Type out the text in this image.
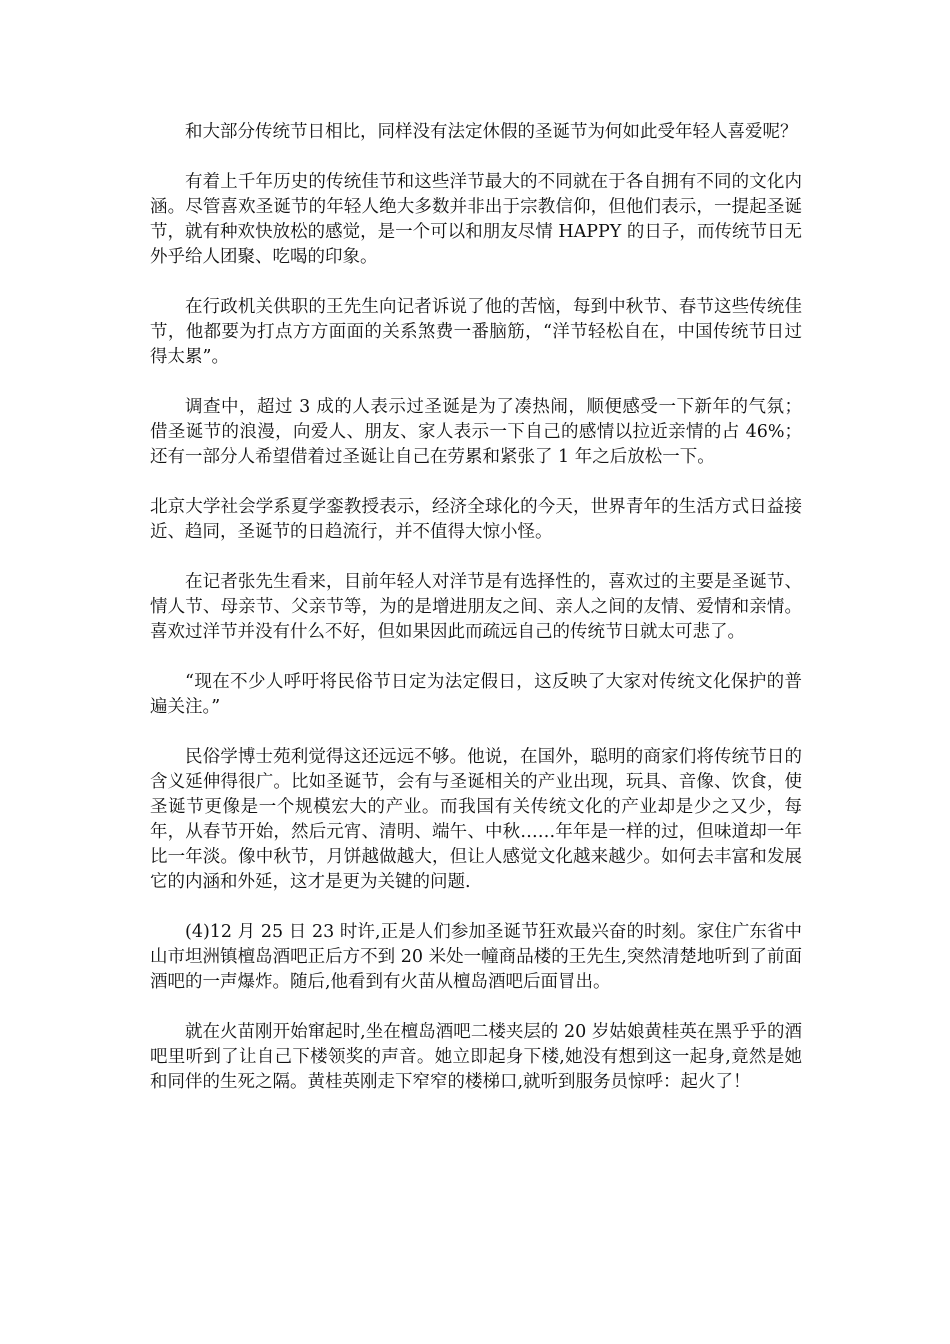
和大部分传统节日相比，同样没有法定休假的圣诞节为何如此受年轻人喜爱呢？

有着上千年历史的传统佳节和这些洋节最大的不同就在于各自拥有不同的文化内涵。尽管喜欢圣诞节的年轻人绝大多数并非出于宗教信仰，但他们表示，一提起圣诞节，就有种欢快放松的感觉，是一个可以和朋友尽情 HAPPY 的日子，而传统节日无外乎给人团聚、吃喝的印象。

在行政机关供职的王先生向记者诉说了他的苦恼，每到中秋节、春节这些传统佳节，他都要为打点方方面面的关系煞费一番脑筋，“洋节轻松自在，中国传统节日过得太累”。

调查中，超过 3 成的人表示过圣诞是为了凑热闹，顺便感受一下新年的气氛；借圣诞节的浪漫，向爱人、朋友、家人表示一下自己的感情以拉近亲情的占 46%；还有一部分人希望借着过圣诞让自己在劳累和紧张了 1 年之后放松一下。

北京大学社会学系夏学銮教授表示，经济全球化的今天，世界青年的生活方式日益接近、趋同，圣诞节的日趋流行，并不值得大惊小怪。

在记者张先生看来，目前年轻人对洋节是有选择性的，喜欢过的主要是圣诞节、情人节、母亲节、父亲节等，为的是增进朋友之间、亲人之间的友情、爱情和亲情。喜欢过洋节并没有什么不好，但如果因此而疏远自己的传统节日就太可悲了。

“现在不少人呼吁将民俗节日定为法定假日，这反映了大家对传统文化保护的普遍关注。”

民俗学博士苑利觉得这还远远不够。他说，在国外，聪明的商家们将传统节日的含义延伸得很广。比如圣诞节，会有与圣诞相关的产业出现，玩具、音像、饮食，使圣诞节更像是一个规模宏大的产业。而我国有关传统文化的产业却是少之又少，每年，从春节开始，然后元宵、清明、端午、中秋……年年是一样的过，但味道却一年比一年淡。像中秋节，月饼越做越大，但让人感觉文化越来越少。如何去丰富和发展它的内涵和外延，这才是更为关键的问题.

(4)12 月 25 日 23 时许,正是人们参加圣诞节狂欢最兴奋的时刻。家住广东省中山市坦洲镇檀岛酒吧正后方不到 20 米处一幢商品楼的王先生,突然清楚地听到了前面酒吧的一声爆炸。随后,他看到有火苗从檀岛酒吧后面冒出。

就在火苗刚开始窜起时,坐在檀岛酒吧二楼夹层的 20 岁姑娘黄桂英在黑乎乎的酒吧里听到了让自己下楼领奖的声音。她立即起身下楼,她没有想到这一起身,竟然是她和同伴的生死之隔。黄桂英刚走下窄窄的楼梯口,就听到服务员惊呼：起火了！
